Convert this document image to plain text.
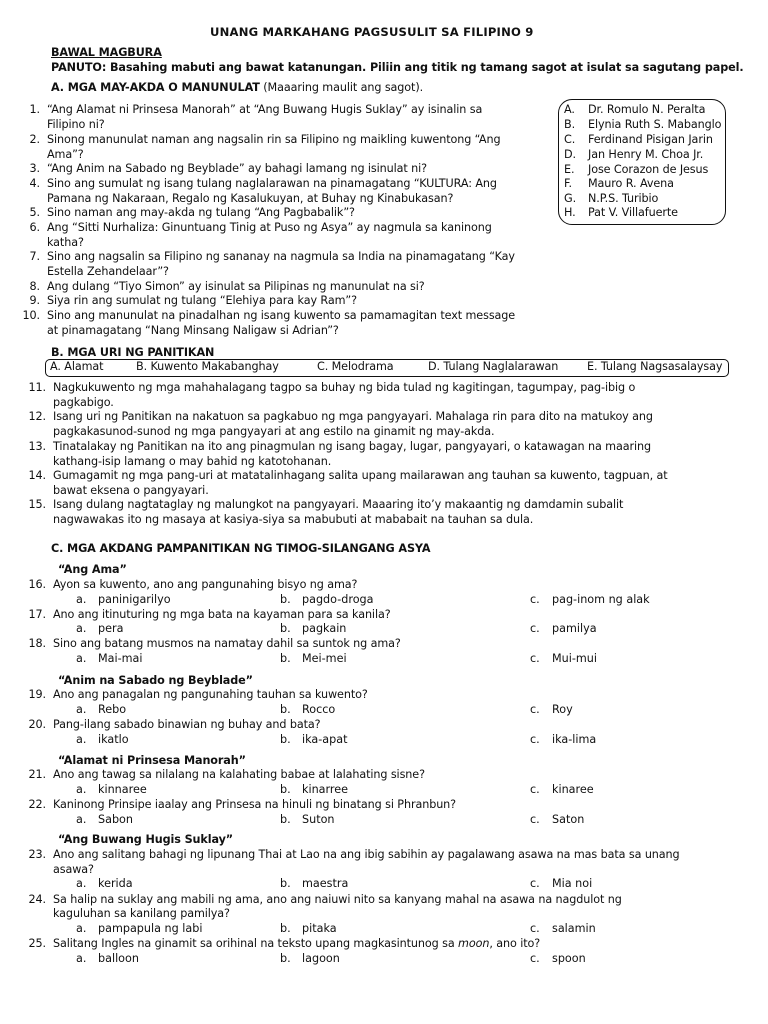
UNANG MARKAHANG PAGSUSULIT SA FILIPINO 9
BAWAL MAGBURA
PANUTO: Basahing mabuti ang bawat katanungan. Piliin ang titik ng tamang sagot at isulat sa sagutang papel.
A. MGA MAY-AKDA O MANUNULAT (Maaaring maulit ang sagot).
A. Dr. Romulo N. Peralta
B. Elynia Ruth S. Mabanglo
C. Ferdinand Pisigan Jarin
D. Jan Henry M. Choa Jr.
E. Jose Corazon de Jesus
F. Mauro R. Avena
G. N.P.S. Turibio
H. Pat V. Villafuerte
1. “Ang Alamat ni Prinsesa Manorah” at “Ang Buwang Hugis Suklay” ay isinalin sa
Filipino ni?
2. Sinong manunulat naman ang nagsalin rin sa Filipino ng maikling kuwentong “Ang
Ama”?
3. “Ang Anim na Sabado ng Beyblade” ay bahagi lamang ng isinulat ni?
4. Sino ang sumulat ng isang tulang naglalarawan na pinamagatang “KULTURA: Ang
Pamana ng Nakaraan, Regalo ng Kasalukuyan, at Buhay ng Kinabukasan?
5. Sino naman ang may-akda ng tulang “Ang Pagbabalik”?
6. Ang “Sitti Nurhaliza: Ginuntuang Tinig at Puso ng Asya” ay nagmula sa kaninong
katha?
7. Sino ang nagsalin sa Filipino ng sananay na nagmula sa India na pinamagatang “Kay
Estella Zehandelaar”?
8. Ang dulang “Tiyo Simon” ay isinulat sa Pilipinas ng manunulat na si?
9. Siya rin ang sumulat ng tulang “Elehiya para kay Ram”?
10. Sino ang manunulat na pinadalhan ng isang kuwento sa pamamagitan text message
at pinamagatang “Nang Minsang Naligaw si Adrian”?
B. MGA URI NG PANITIKAN
A. Alamat	B. Kuwento Makabanghay	C. Melodrama	D. Tulang Naglalarawan	E. Tulang Nagsasalaysay
11. Nagkukuwento ng mga mahahalagang tagpo sa buhay ng bida tulad ng kagitingan, tagumpay, pag-ibig o
pagkabigo.
12. Isang uri ng Panitikan na nakatuon sa pagkabuo ng mga pangyayari. Mahalaga rin para dito na matukoy ang
pagkakasunod-sunod ng mga pangyayari at ang estilo na ginamit ng may-akda.
13. Tinatalakay ng Panitikan na ito ang pinagmulan ng isang bagay, lugar, pangyayari, o katawagan na maaring
kathang-isip lamang o may bahid ng katotohanan.
14. Gumagamit ng mga pang-uri at matatalinhagang salita upang mailarawan ang tauhan sa kuwento, tagpuan, at
bawat eksena o pangyayari.
15. Isang dulang nagtataglay ng malungkot na pangyayari. Maaaring ito’y makaantig ng damdamin subalit
nagwawakas ito ng masaya at kasiya-siya sa mabubuti at mababait na tauhan sa dula.
C. MGA AKDANG PAMPANITIKAN NG TIMOG-SILANGANG ASYA
“Ang Ama”
16. Ayon sa kuwento, ano ang pangunahing bisyo ng ama?
a. paninigarilyo	b. pagdo-droga	c. pag-inom ng alak
17. Ano ang itinuturing ng mga bata na kayaman para sa kanila?
a. pera	b. pagkain	c. pamilya
18. Sino ang batang musmos na namatay dahil sa suntok ng ama?
a. Mai-mai	b. Mei-mei	c. Mui-mui
“Anim na Sabado ng Beyblade”
19. Ano ang panagalan ng pangunahing tauhan sa kuwento?
a. Rebo	b. Rocco	c. Roy
20. Pang-ilang sabado binawian ng buhay and bata?
a. ikatlo	b. ika-apat	c. ika-lima
“Alamat ni Prinsesa Manorah”
21. Ano ang tawag sa nilalang na kalahating babae at lalahating sisne?
a. kinnaree	b. kinarree	c. kinaree
22. Kaninong Prinsipe iaalay ang Prinsesa na hinuli ng binatang si Phranbun?
a. Sabon	b. Suton	c. Saton
“Ang Buwang Hugis Suklay”
23. Ano ang salitang bahagi ng lipunang Thai at Lao na ang ibig sabihin ay pagalawang asawa na mas bata sa unang
asawa?
a. kerida	b. maestra	c. Mia noi
24. Sa halip na suklay ang mabili ng ama, ano ang naiuwi nito sa kanyang mahal na asawa na nagdulot ng
kaguluhan sa kanilang pamilya?
a. pampapula ng labi	b. pitaka	c. salamin
25. Salitang Ingles na ginamit sa orihinal na teksto upang magkasintunog sa moon, ano ito?
a. balloon	b. lagoon	c. spoon
